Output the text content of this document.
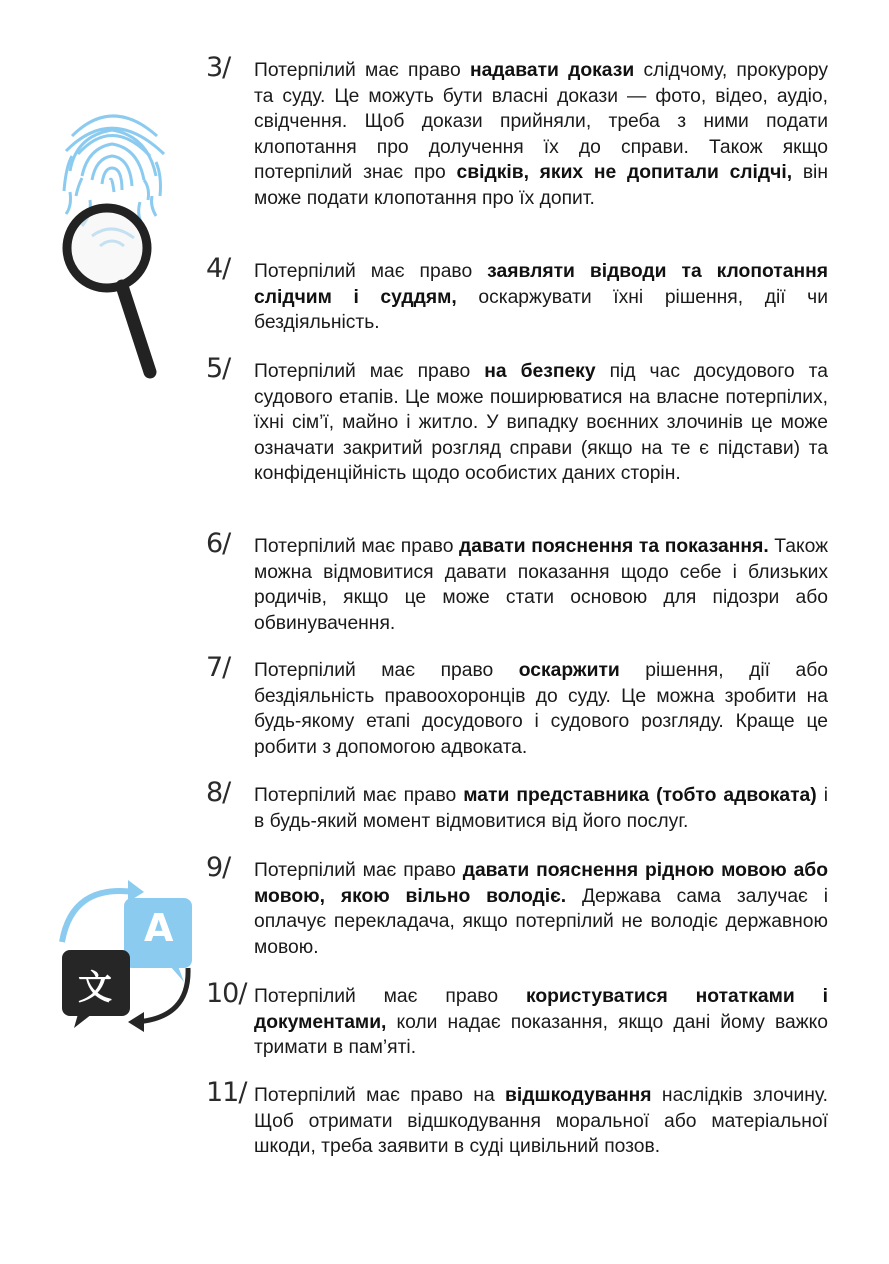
A
文
3/ Потерпілий має право надавати докази слідчому, прокурору та суду. Це можуть бути власні докази — фото, відео, аудіо, свідчення. Щоб докази прийняли, треба з ними подати клопотання про долучення їх до справи. Також якщо потерпілий знає про свідків, яких не допитали слідчі, він може подати клопотання про їх допит.
4/ Потерпілий має право заявляти відводи та клопотання слідчим і суддям, оскаржувати їхні рішення, дії чи бездіяльність.
5/ Потерпілий має право на безпеку під час досудового та судового етапів. Це може поширюватися на власне потерпілих, їхні сім’ї, майно і житло. У випадку воєнних злочинів це може означати закритий розгляд справи (якщо на те є підстави) та конфіденційність щодо особистих даних сторін.
6/ Потерпілий має право давати пояснення та показання. Також можна відмовитися давати показання щодо себе і близьких родичів, якщо це може стати основою для підозри або обвинувачення.
7/ Потерпілий має право оскаржити рішення, дії або бездіяльність правоохоронців до суду. Це можна зробити на будь-якому етапі досудового і судового розгляду. Краще це робити з допомогою адвоката.
8/ Потерпілий має право мати представника (тобто адвоката) і в будь-який момент відмовитися від його послуг.
9/ Потерпілий має право давати пояснення рідною мовою або мовою, якою вільно володіє. Держава сама залучає і оплачує перекладача, якщо потерпілий не володіє державною мовою.
10/ Потерпілий має право користуватися нотатками і документами, коли надає показання, якщо дані йому важко тримати в пам’яті.
11/ Потерпілий має право на відшкодування наслідків злочину. Щоб отримати відшкодування моральної або матеріальної шкоди, треба заявити в суді цивільний позов.
